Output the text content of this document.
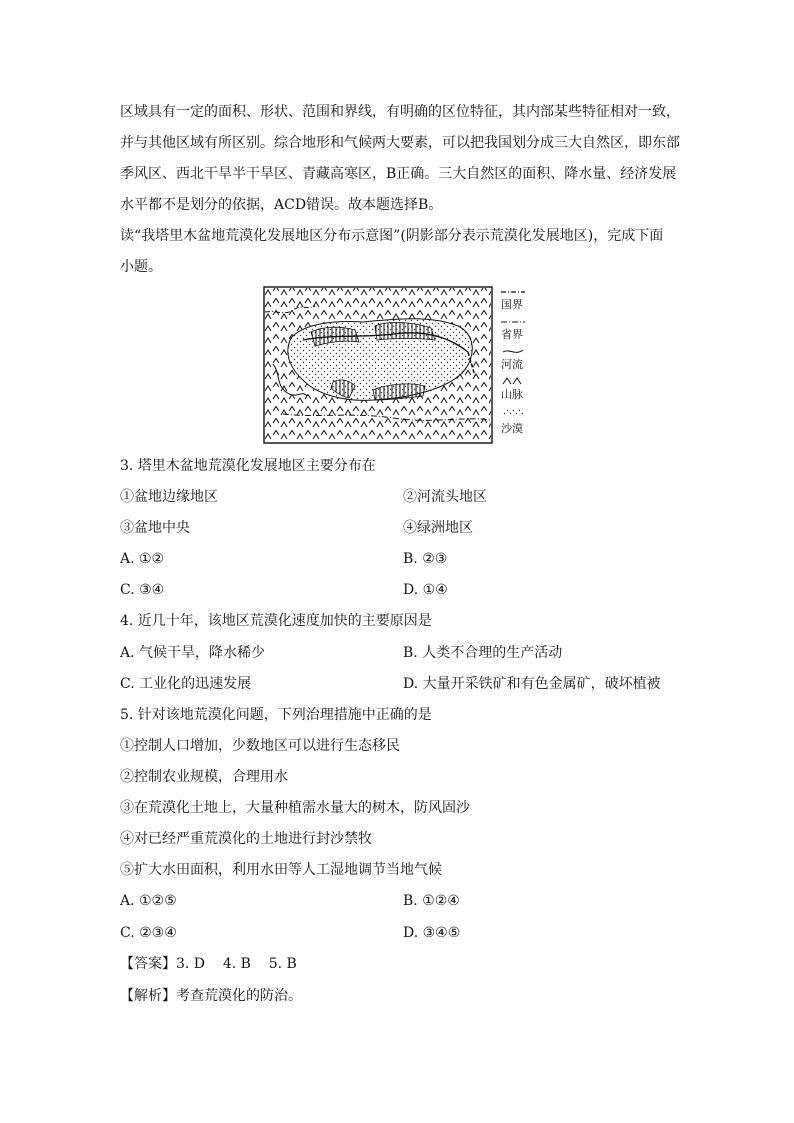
区域具有一定的面积、形状、范围和界线，有明确的区位特征，其内部某些特征相对一致，
并与其他区域有所区别。综合地形和气候两大要素，可以把我国划分成三大自然区，即东部
季风区、西北干旱半干旱区、青藏高寒区，B正确。三大自然区的面积、降水量、经济发展
水平都不是划分的依据，ACD错误。故本题选择B。
读“我塔里木盆地荒漠化发展地区分布示意图”(阴影部分表示荒漠化发展地区)，完成下面
小题。
国界
省界
河流
山脉
沙漠
3. 塔里木盆地荒漠化发展地区主要分布在
①盆地边缘地区	②河流头地区
③盆地中央	④绿洲地区
A. ①②	B. ②③
C. ③④	D. ①④
4. 近几十年，该地区荒漠化速度加快的主要原因是
A. 气候干旱，降水稀少	B. 人类不合理的生产活动
C. 工业化的迅速发展	D. 大量开采铁矿和有色金属矿，破坏植被
5. 针对该地荒漠化问题，下列治理措施中正确的是
①控制人口增加，少数地区可以进行生态移民
②控制农业规模，合理用水
③在荒漠化土地上，大量种植需水量大的树木，防风固沙
④对已经严重荒漠化的土地进行封沙禁牧
⑤扩大水田面积，利用水田等人工湿地调节当地气候
A. ①②⑤	B. ①②④
C. ②③④	D. ③④⑤
【答案】3. D    4. B    5. B
【解析】考查荒漠化的防治。
